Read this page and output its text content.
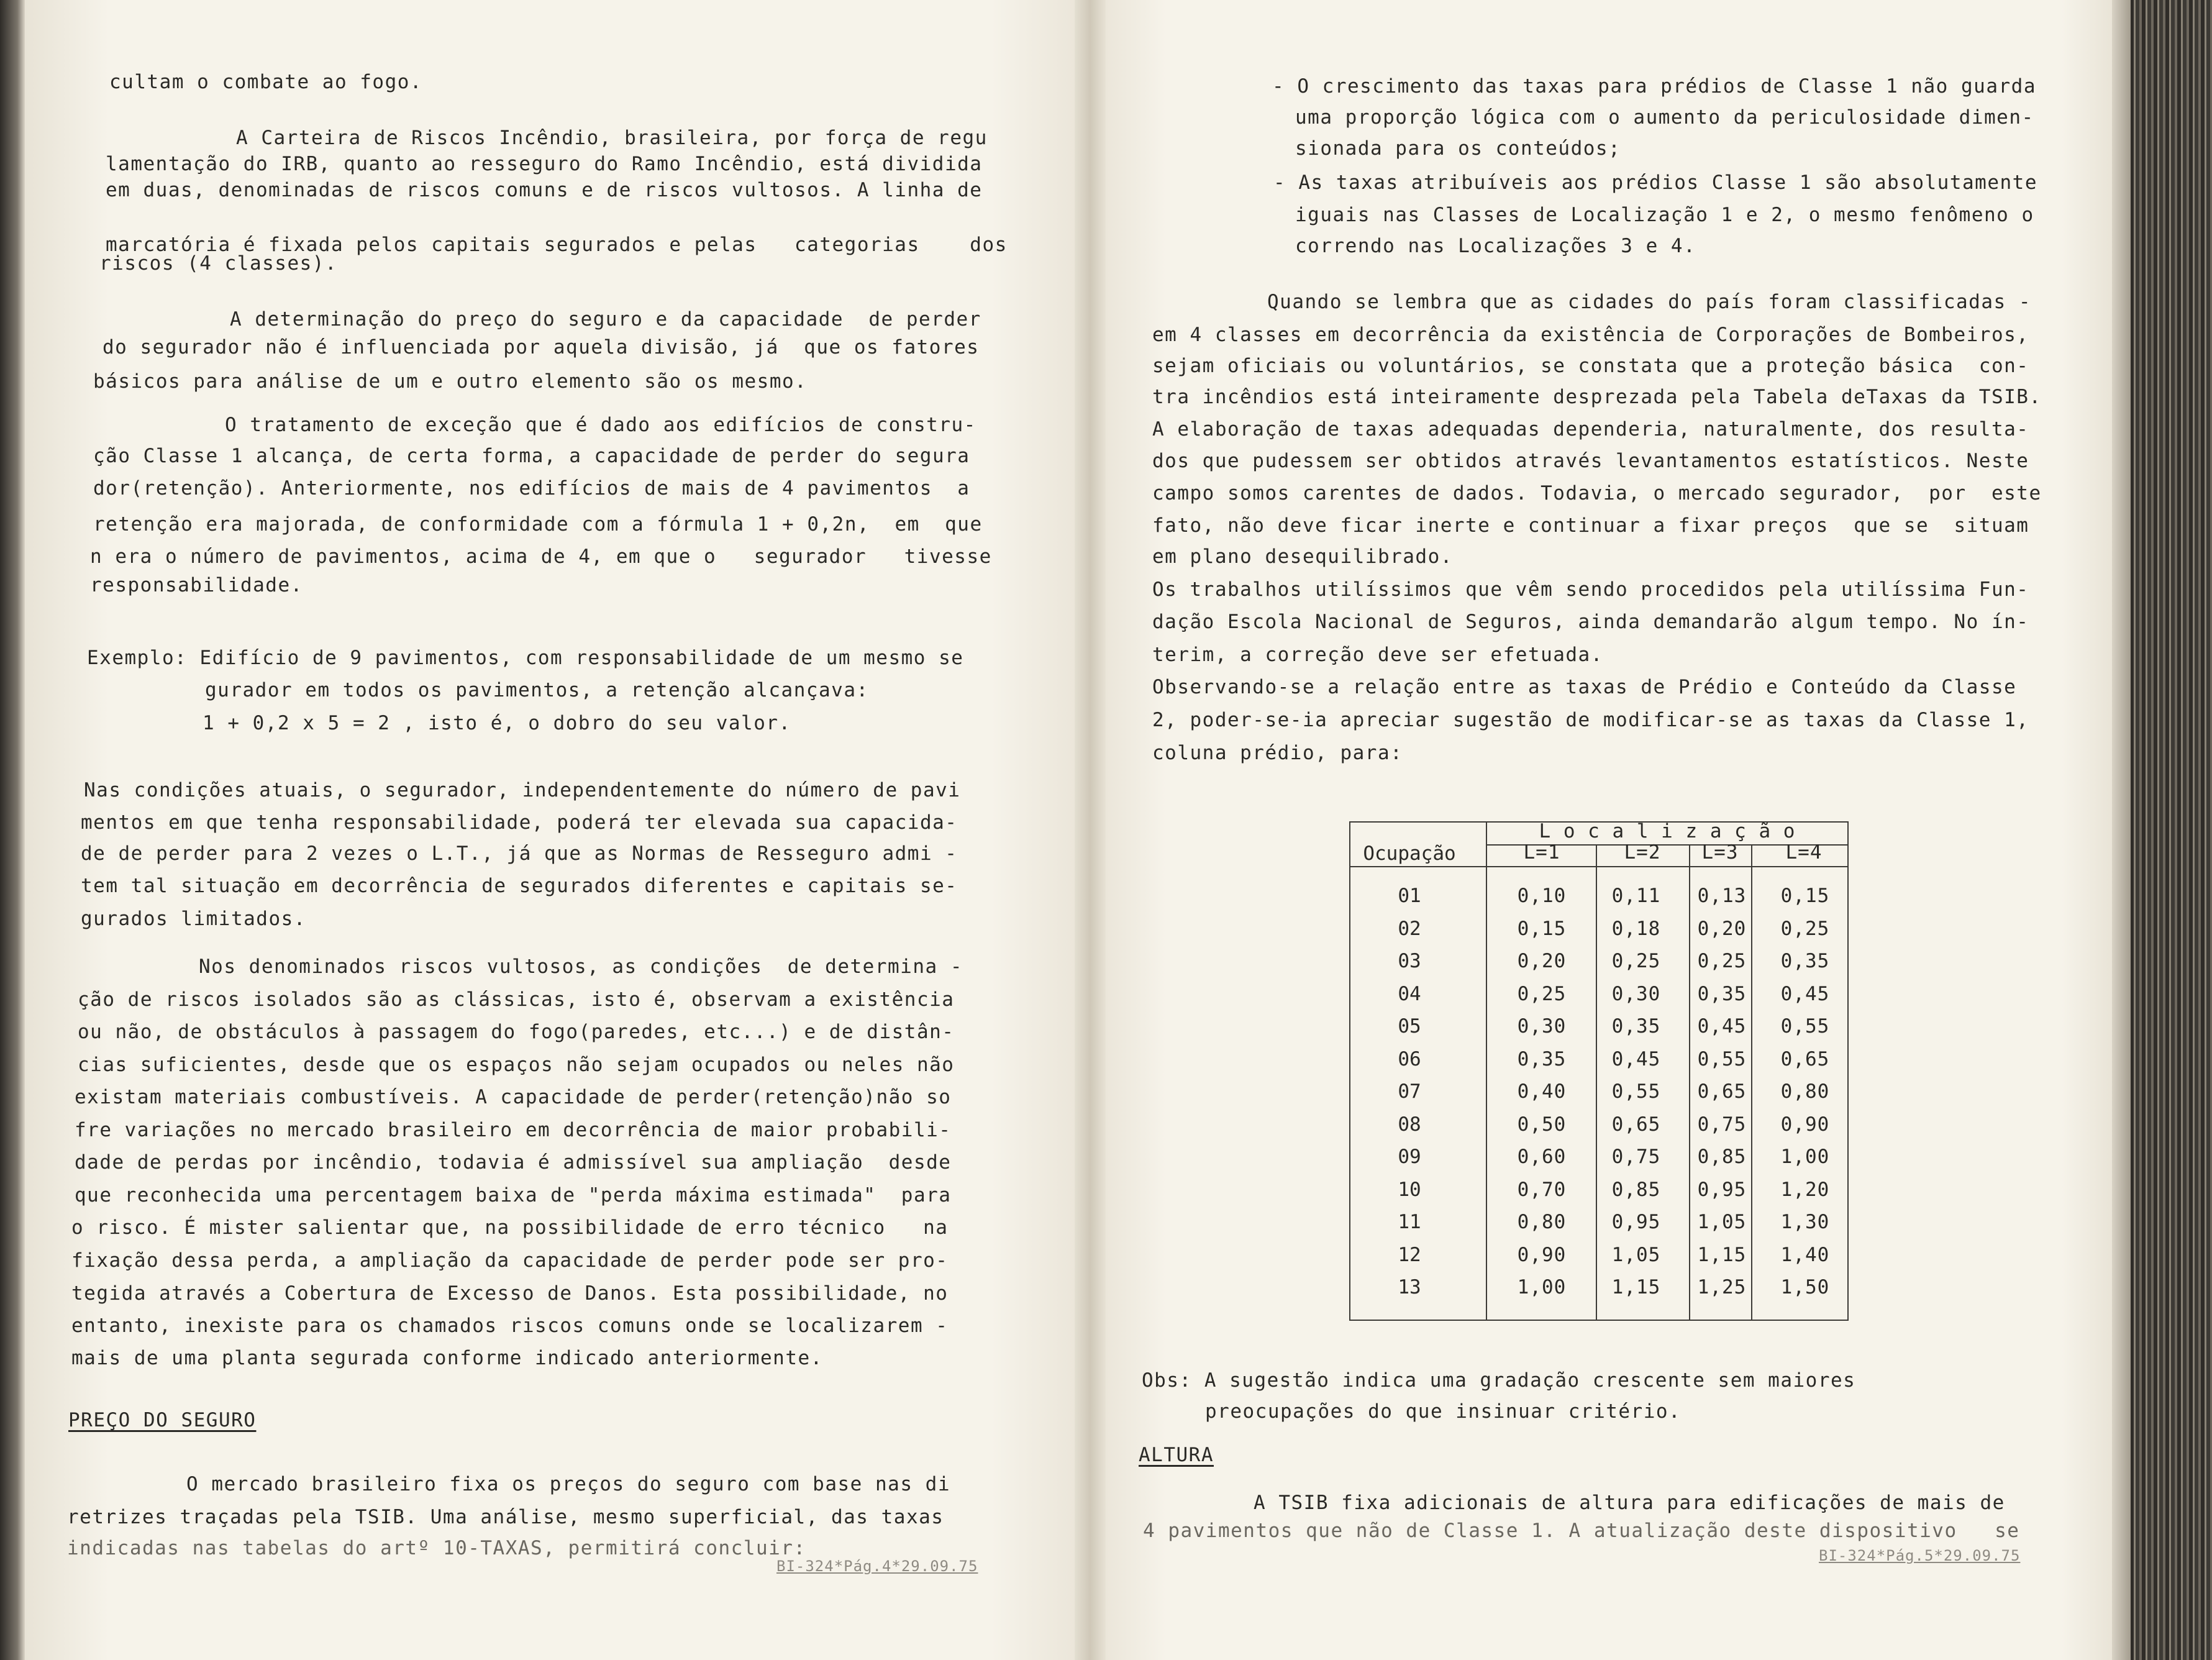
cultam o combate ao fogo.
A Carteira de Riscos Incêndio, brasileira, por força de regu
lamentação do IRB, quanto ao resseguro do Ramo Incêndio, está dividida
em duas, denominadas de riscos comuns e de riscos vultosos. A linha de
marcatória é fixada pelos capitais segurados e pelas   categorias    dos
riscos (4 classes).
A determinação do preço do seguro e da capacidade  de perder
do segurador não é influenciada por aquela divisão, já  que os fatores
básicos para análise de um e outro elemento são os mesmo.
O tratamento de exceção que é dado aos edifícios de constru-
ção Classe 1 alcança, de certa forma, a capacidade de perder do segura
dor(retenção). Anteriormente, nos edifícios de mais de 4 pavimentos  a
retenção era majorada, de conformidade com a fórmula 1 + 0,2n,  em  que
n era o número de pavimentos, acima de 4, em que o   segurador   tivesse
responsabilidade.
Exemplo: Edifício de 9 pavimentos, com responsabilidade de um mesmo se
gurador em todos os pavimentos, a retenção alcançava:
1 + 0,2 x 5 = 2 , isto é, o dobro do seu valor.
Nas condições atuais, o segurador, independentemente do número de pavi
mentos em que tenha responsabilidade, poderá ter elevada sua capacida-
de de perder para 2 vezes o L.T., já que as Normas de Resseguro admi -
tem tal situação em decorrência de segurados diferentes e capitais se-
gurados limitados.
Nos denominados riscos vultosos, as condições  de determina -
ção de riscos isolados são as clássicas, isto é, observam a existência
ou não, de obstáculos à passagem do fogo(paredes, etc...) e de distân-
cias suficientes, desde que os espaços não sejam ocupados ou neles não
existam materiais combustíveis. A capacidade de perder(retenção)não so
fre variações no mercado brasileiro em decorrência de maior probabili-
dade de perdas por incêndio, todavia é admissível sua ampliação  desde
que reconhecida uma percentagem baixa de "perda máxima estimada"  para
o risco. É mister salientar que, na possibilidade de erro técnico   na
fixação dessa perda, a ampliação da capacidade de perder pode ser pro-
tegida através a Cobertura de Excesso de Danos. Esta possibilidade, no
entanto, inexiste para os chamados riscos comuns onde se localizarem -
mais de uma planta segurada conforme indicado anteriormente.
PREÇO DO SEGURO
O mercado brasileiro fixa os preços do seguro com base nas di
retrizes traçadas pela TSIB. Uma análise, mesmo superficial, das taxas
indicadas nas tabelas do artº 10-TAXAS, permitirá concluir:
BI-324*Pág.4*29.09.75
- O crescimento das taxas para prédios de Classe 1 não guarda
uma proporção lógica com o aumento da periculosidade dimen-
sionada para os conteúdos;
- As taxas atribuíveis aos prédios Classe 1 são absolutamente
iguais nas Classes de Localização 1 e 2, o mesmo fenômeno o
correndo nas Localizações 3 e 4.
Quando se lembra que as cidades do país foram classificadas -
em 4 classes em decorrência da existência de Corporações de Bombeiros,
sejam oficiais ou voluntários, se constata que a proteção básica  con-
tra incêndios está inteiramente desprezada pela Tabela deTaxas da TSIB.
A elaboração de taxas adequadas dependeria, naturalmente, dos resulta-
dos que pudessem ser obtidos através levantamentos estatísticos. Neste
campo somos carentes de dados. Todavia, o mercado segurador,  por  este
fato, não deve ficar inerte e continuar a fixar preços  que se  situam
em plano desequilibrado.
Os trabalhos utilíssimos que vêm sendo procedidos pela utilíssima Fun-
dação Escola Nacional de Seguros, ainda demandarão algum tempo. No ín-
terim, a correção deve ser efetuada.
Observando-se a relação entre as taxas de Prédio e Conteúdo da Classe
2, poder-se-ia apreciar sugestão de modificar-se as taxas da Classe 1,
coluna prédio, para:
L o c a l i z a ç ã o
Ocupação	L=1	L=2	L=3	L=4
01	0,10	0,11	0,13	0,15
02	0,15	0,18	0,20	0,25
03	0,20	0,25	0,25	0,35
04	0,25	0,30	0,35	0,45
05	0,30	0,35	0,45	0,55
06	0,35	0,45	0,55	0,65
07	0,40	0,55	0,65	0,80
08	0,50	0,65	0,75	0,90
09	0,60	0,75	0,85	1,00
10	0,70	0,85	0,95	1,20
11	0,80	0,95	1,05	1,30
12	0,90	1,05	1,15	1,40
13	1,00	1,15	1,25	1,50
Obs: A sugestão indica uma gradação crescente sem maiores
preocupações do que insinuar critério.
ALTURA
A TSIB fixa adicionais de altura para edificações de mais de
4 pavimentos que não de Classe 1. A atualização deste dispositivo   se
BI-324*Pág.5*29.09.75
